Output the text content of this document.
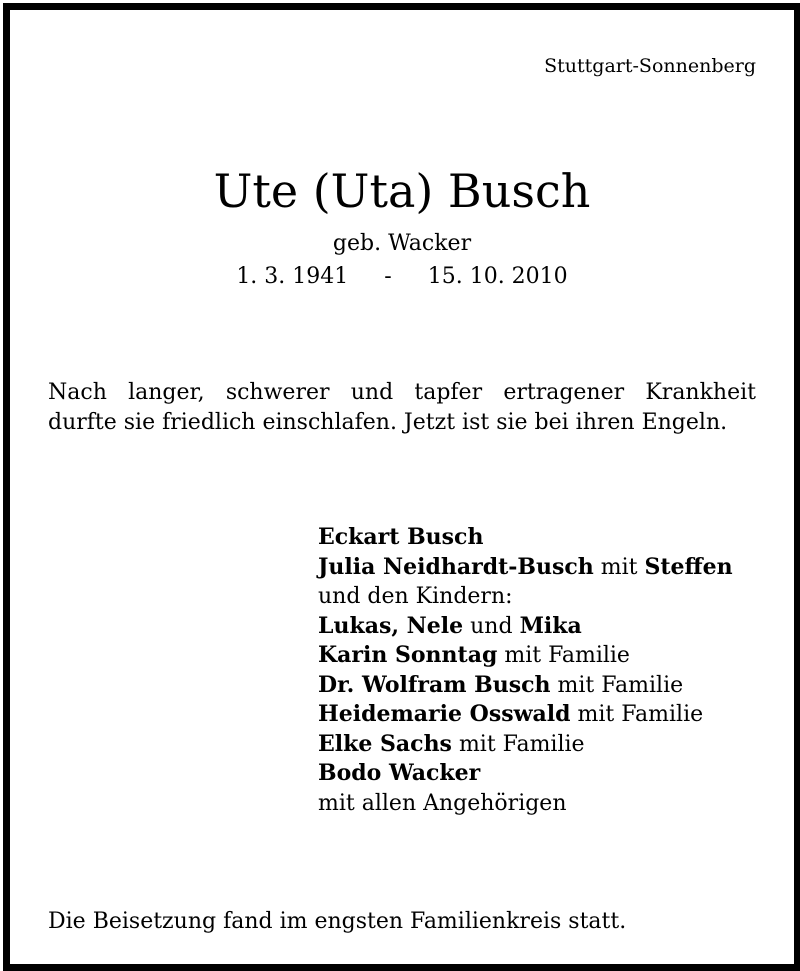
Stuttgart-Sonnenberg
Ute (Uta) Busch
geb. Wacker
1. 3. 1941 - 15. 10. 2010
Nach langer, schwerer und tapfer ertragener Krankheit
durfte sie friedlich einschlafen. Jetzt ist sie bei ihren Engeln.
Eckart Busch
Julia Neidhardt-Busch mit Steffen
und den Kindern:
Lukas, Nele und Mika
Karin Sonntag mit Familie
Dr. Wolfram Busch mit Familie
Heidemarie Osswald mit Familie
Elke Sachs mit Familie
Bodo Wacker
mit allen Angehörigen
Die Beisetzung fand im engsten Familienkreis statt.
